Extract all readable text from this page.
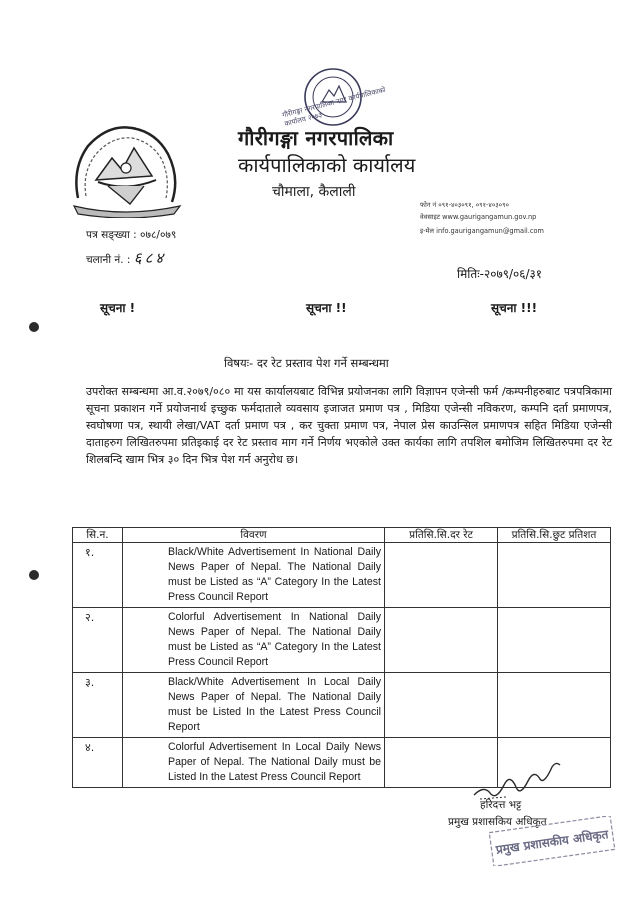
गौरीगङ्गा नगरपालिका नगर कार्यपालिकाको कार्यालय २०७३
गौरीगङ्गा नगरपालिका
कार्यपालिकाको कार्यालय
चौमाला, कैलाली
फोन नं ०९१-४०३०९१, ०९१-४०३०९०
वेवसाइट www.gaurigangamun.gov.np
इ-मेल info.gaurigangamun@gmail.com
पत्र सङ्ख्या : ०७८/०७९
चलानी नं. : ६८४
मितिः-२०७९/०६/३१
सूचना !	सूचना !!	सूचना !!!
विषयः- दर रेट प्रस्ताव पेश गर्ने सम्बन्धमा
उपरोक्त सम्बन्धमा आ.व.२०७९/०८० मा यस कार्यालयबाट विभिन्न प्रयोजनका लागि विज्ञापन एजेन्सी फर्म /कम्पनीहरुबाट पत्रपत्रिकामा सूचना प्रकाशन गर्ने प्रयोजनार्थ इच्छुक फर्मदाताले व्यवसाय इजाजत प्रमाण पत्र , मिडिया एजेन्सी नविकरण, कम्पनि दर्ता प्रमाणपत्र, स्वघोषणा पत्र, स्थायी लेखा/VAT दर्ता प्रमाण पत्र , कर चुक्ता प्रमाण पत्र, नेपाल प्रेस काउन्सिल प्रमाणपत्र सहित मिडिया एजेन्सी दाताहरुग लिखितरुपमा प्रतिइकाई दर रेट प्रस्ताव माग गर्ने निर्णय भएकोले उक्त कार्यका लागि तपशिल बमोजिम लिखितरुपमा दर रेट शिलबन्दि खाम भित्र ३० दिन भित्र पेश गर्न अनुरोध छ।
सि.न.	विवरण	प्रतिसि.सि.दर रेट	प्रतिसि.सि.छुट प्रतिशत
१.	Black/White Advertisement In National Daily News Paper of Nepal. The National Daily must be Listed as “A” Category In the Latest Press Council Report		
२.	Colorful Advertisement In National Daily News Paper of Nepal. The National Daily must be Listed as “A” Category In the Latest Press Council Report		
३.	Black/White Advertisement In Local Daily News Paper of Nepal. The National Daily must be Listed In the Latest Press Council Report		
४.	Colorful Advertisement In Local Daily News Paper of Nepal. The National Daily must be Listed In the Latest Press Council Report		
हरिदत्त भट्ट
प्रमुख प्रशासकिय अधिकृत
प्रमुख प्रशासकीय अधिकृत
